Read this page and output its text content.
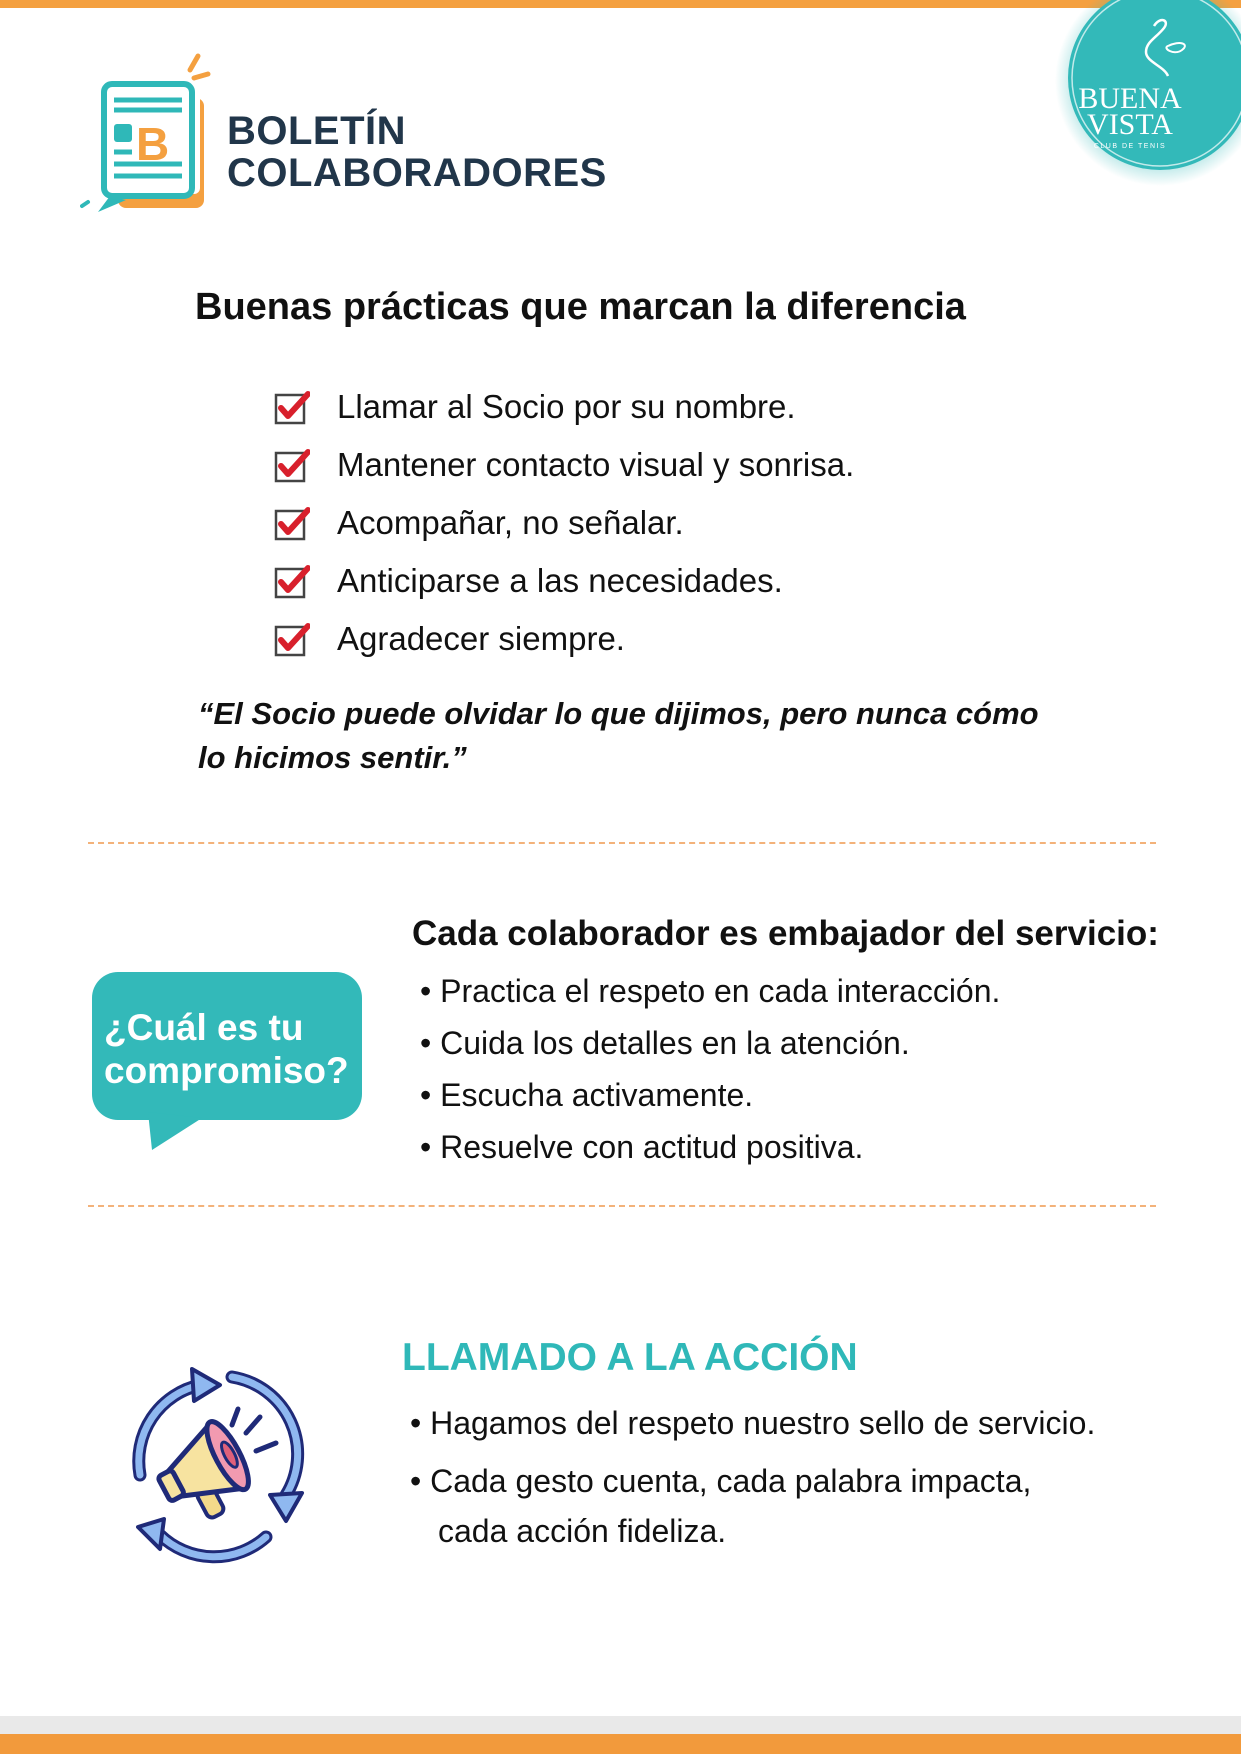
B BOLETÍN
COLABORADORES
BUENA
VISTA
CLUB DE TENIS
Buenas prácticas que marcan la diferencia
Llamar al Socio por su nombre.
Mantener contacto visual y sonrisa.
Acompañar, no señalar.
Anticiparse a las necesidades.
Agradecer siempre.
“El Socio puede olvidar lo que dijimos, pero nunca cómo
lo hicimos sentir.”
¿Cuál es tu
compromiso?
Cada colaborador es embajador del servicio:
• Practica el respeto en cada interacción.
• Cuida los detalles en la atención.
• Escucha activamente.
• Resuelve con actitud positiva.
LLAMADO A LA ACCIÓN
• Hagamos del respeto nuestro sello de servicio.
• Cada gesto cuenta, cada palabra impacta,
cada acción fideliza.
